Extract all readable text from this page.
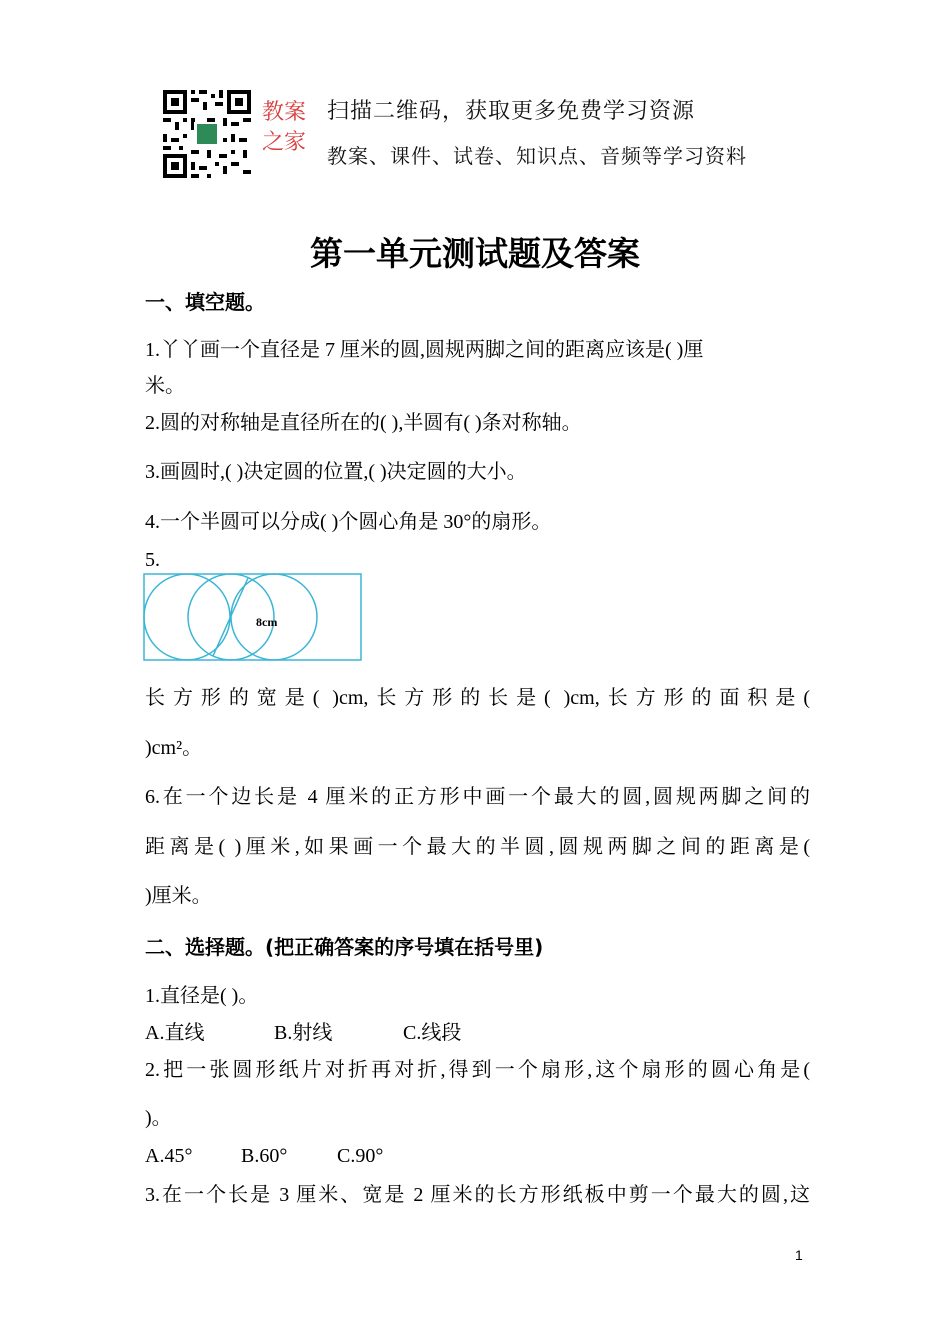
教案之家
扫描二维码，获取更多免费学习资源
教案、课件、试卷、知识点、音频等学习资料
第一单元测试题及答案
一、填空题。
1.丫丫画一个直径是 7 厘米的圆,圆规两脚之间的距离应该是( )厘
米。
2.圆的对称轴是直径所在的( ),半圆有( )条对称轴。
3.画圆时,( )决定圆的位置,( )决定圆的大小。
4.一个半圆可以分成( )个圆心角是 30°的扇形。
5.
8cm
长方形的宽是( )cm,长方形的长是( )cm,长方形的面积是(
)cm²。
6.在一个边长是 4 厘米的正方形中画一个最大的圆,圆规两脚之间的
距离是( )厘米,如果画一个最大的半圆,圆规两脚之间的距离是(
)厘米。
二、选择题。(把正确答案的序号填在括号里)
1.直径是( )。
A.直线	B.射线	C.线段
2.把一张圆形纸片对折再对折,得到一个扇形,这个扇形的圆心角是(
)。
A.45° B.60° C.90°
3.在一个长是 3 厘米、宽是 2 厘米的长方形纸板中剪一个最大的圆,这
1
